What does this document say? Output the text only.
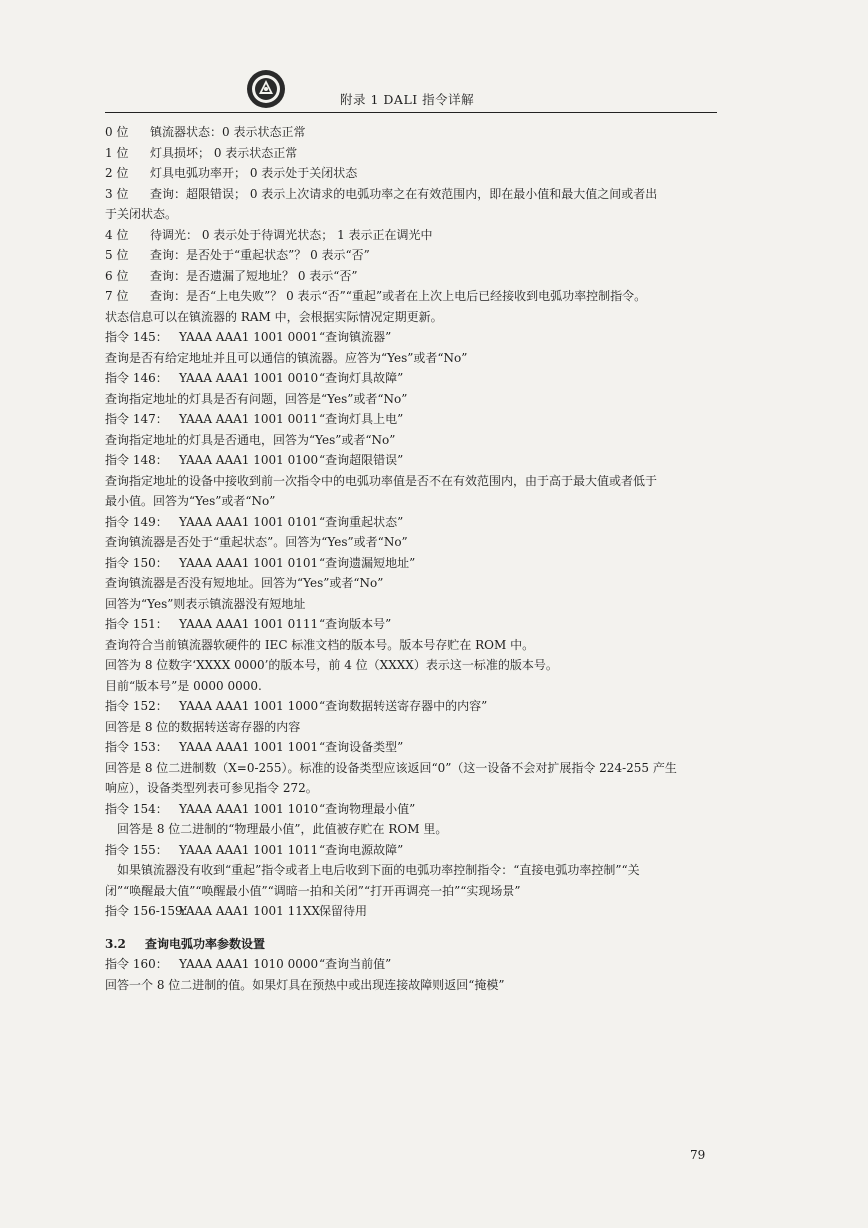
附录 1 DALI 指令详解
0 位 镇流器状态：0 表示状态正常
1 位 灯具损坏； 0 表示状态正常
2 位 灯具电弧功率开； 0 表示处于关闭状态
3 位 查询：超限错误； 0 表示上次请求的电弧功率之在有效范围内，即在最小值和最大值之间或者出
于关闭状态。
4 位 待调光： 0 表示处于待调光状态； 1 表示正在调光中
5 位 查询：是否处于“重起状态”？ 0 表示“否”
6 位 查询：是否遗漏了短地址？ 0 表示“否”
7 位 查询：是否“上电失败”？ 0 表示“否”“重起”或者在上次上电后已经接收到电弧功率控制指令。
状态信息可以在镇流器的 RAM 中，会根据实际情况定期更新。
指令 145： YAAA AAA1 1001 0001“查询镇流器”
查询是否有给定地址并且可以通信的镇流器。应答为“Yes”或者“No”
指令 146： YAAA AAA1 1001 0010“查询灯具故障”
查询指定地址的灯具是否有问题，回答是“Yes”或者“No”
指令 147： YAAA AAA1 1001 0011“查询灯具上电”
查询指定地址的灯具是否通电，回答为“Yes”或者“No”
指令 148： YAAA AAA1 1001 0100“查询超限错误”
查询指定地址的设备中接收到前一次指令中的电弧功率值是否不在有效范围内，由于高于最大值或者低于
最小值。回答为“Yes”或者“No”
指令 149： YAAA AAA1 1001 0101“查询重起状态”
查询镇流器是否处于“重起状态”。回答为“Yes”或者“No”
指令 150： YAAA AAA1 1001 0101“查询遗漏短地址”
查询镇流器是否没有短地址。回答为“Yes”或者“No”
回答为“Yes”则表示镇流器没有短地址
指令 151： YAAA AAA1 1001 0111“查询版本号”
查询符合当前镇流器软硬件的 IEC 标准文档的版本号。版本号存贮在 ROM 中。
回答为 8 位数字‘XXXX 0000’的版本号，前 4 位（XXXX）表示这一标准的版本号。
目前“版本号”是 0000 0000.
指令 152： YAAA AAA1 1001 1000“查询数据转送寄存器中的内容”
回答是 8 位的数据转送寄存器的内容
指令 153： YAAA AAA1 1001 1001“查询设备类型”
回答是 8 位二进制数（X=0-255）。标准的设备类型应该返回“0”（这一设备不会对扩展指令 224-255 产生
响应），设备类型列表可参见指令 272。
指令 154： YAAA AAA1 1001 1010“查询物理最小值”
　回答是 8 位二进制的“物理最小值”，此值被存贮在 ROM 里。
指令 155： YAAA AAA1 1001 1011“查询电源故障”
　如果镇流器没有收到“重起”指令或者上电后收到下面的电弧功率控制指令：“直接电弧功率控制”“关
闭”“唤醒最大值”“唤醒最小值”“调暗一拍和关闭”“打开再调亮一拍”“实现场景”
指令 156-159：YAAA AAA1 1001 11XX保留待用
3.2 查询电弧功率参数设置
指令 160： YAAA AAA1 1010 0000“查询当前值”
回答一个 8 位二进制的值。如果灯具在预热中或出现连接故障则返回“掩模”
79
